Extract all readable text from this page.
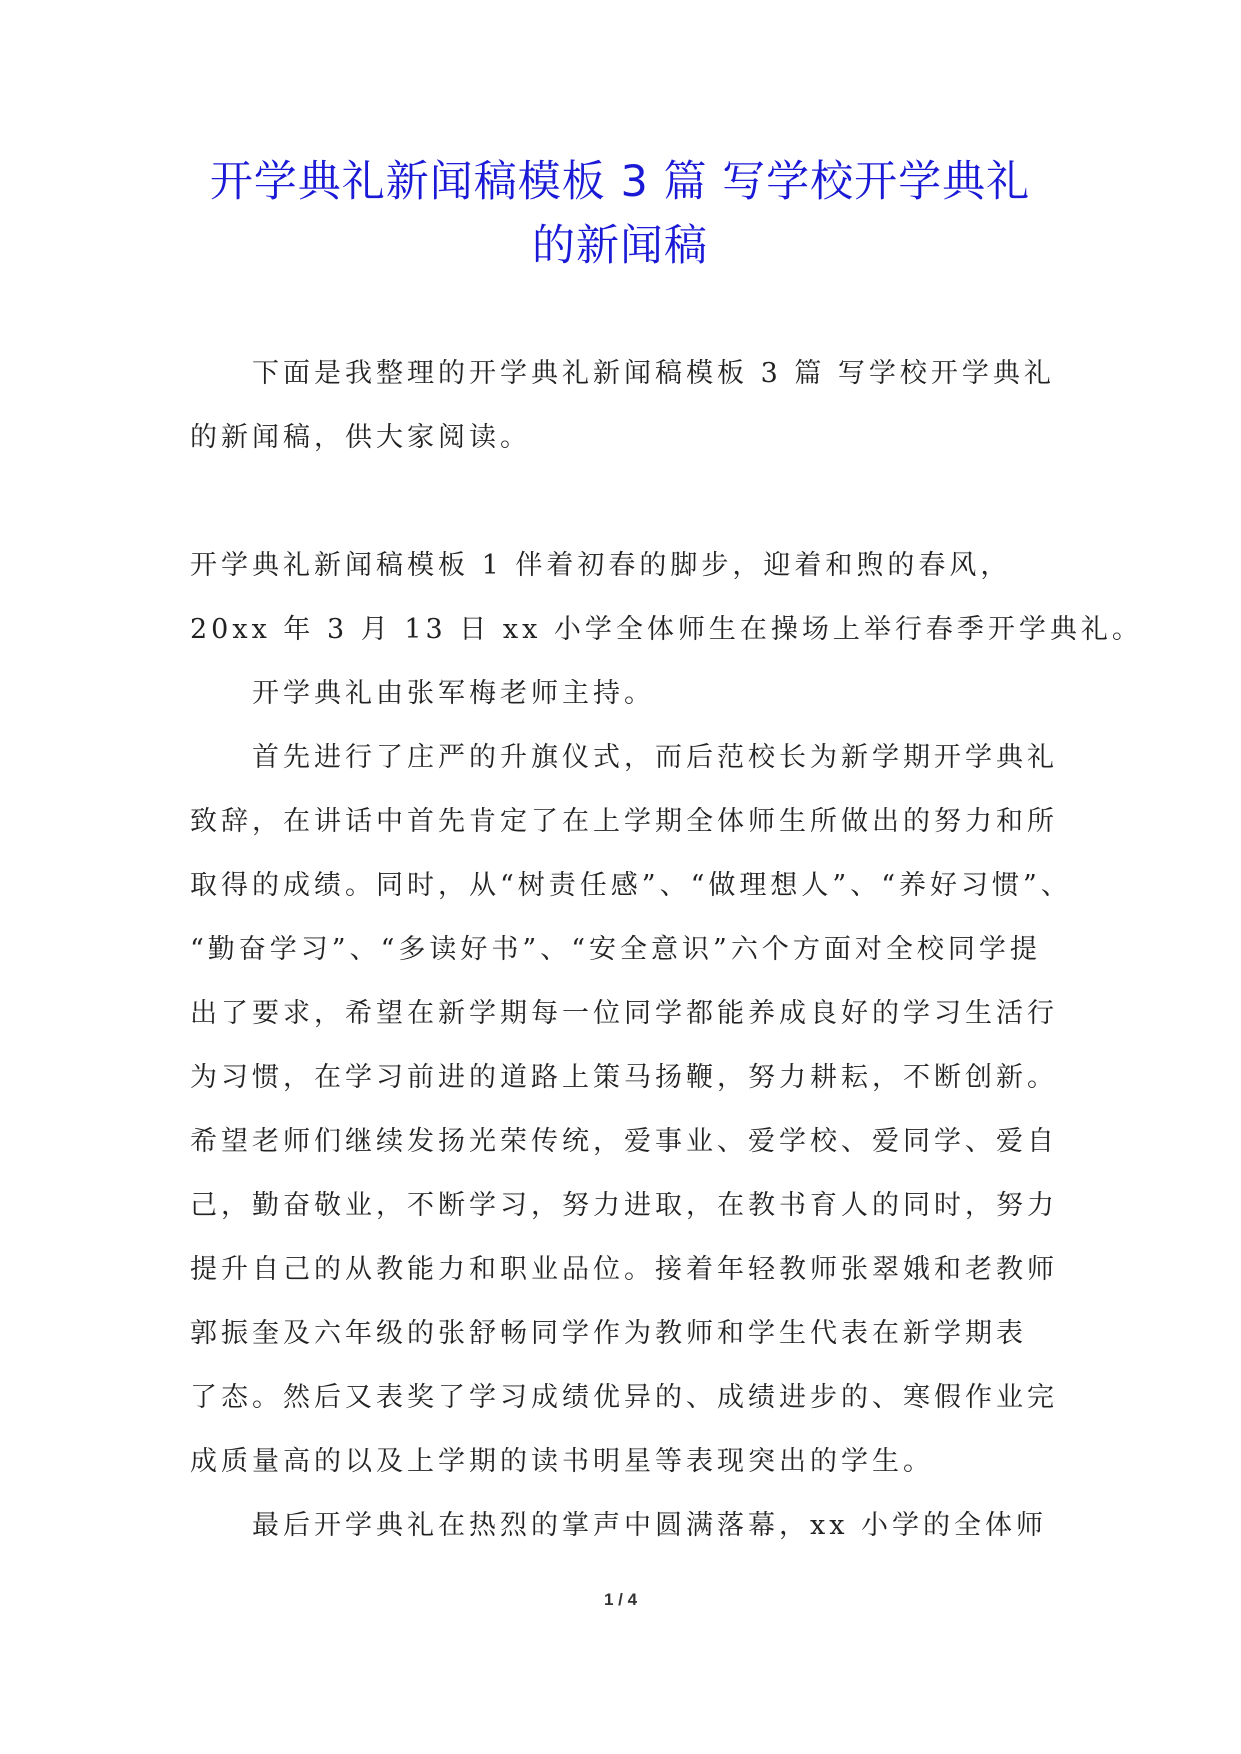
开学典礼新闻稿模板 3 篇 写学校开学典礼
的新闻稿
下面是我整理的开学典礼新闻稿模板 3 篇 写学校开学典礼
的新闻稿，供大家阅读。
开学典礼新闻稿模板 1 伴着初春的脚步，迎着和煦的春风，
20xx 年 3 月 13 日 xx 小学全体师生在操场上举行春季开学典礼。
开学典礼由张军梅老师主持。
首先进行了庄严的升旗仪式，而后范校长为新学期开学典礼
致辞，在讲话中首先肯定了在上学期全体师生所做出的努力和所
取得的成绩。同时，从“树责任感”、“做理想人”、“养好习惯”、
“勤奋学习”、“多读好书”、“安全意识”六个方面对全校同学提
出了要求，希望在新学期每一位同学都能养成良好的学习生活行
为习惯，在学习前进的道路上策马扬鞭，努力耕耘，不断创新。
希望老师们继续发扬光荣传统，爱事业、爱学校、爱同学、爱自
己，勤奋敬业，不断学习，努力进取，在教书育人的同时，努力
提升自己的从教能力和职业品位。接着年轻教师张翠娥和老教师
郭振奎及六年级的张舒畅同学作为教师和学生代表在新学期表
了态。然后又表奖了学习成绩优异的、成绩进步的、寒假作业完
成质量高的以及上学期的读书明星等表现突出的学生。
最后开学典礼在热烈的掌声中圆满落幕，xx 小学的全体师
1 / 4
